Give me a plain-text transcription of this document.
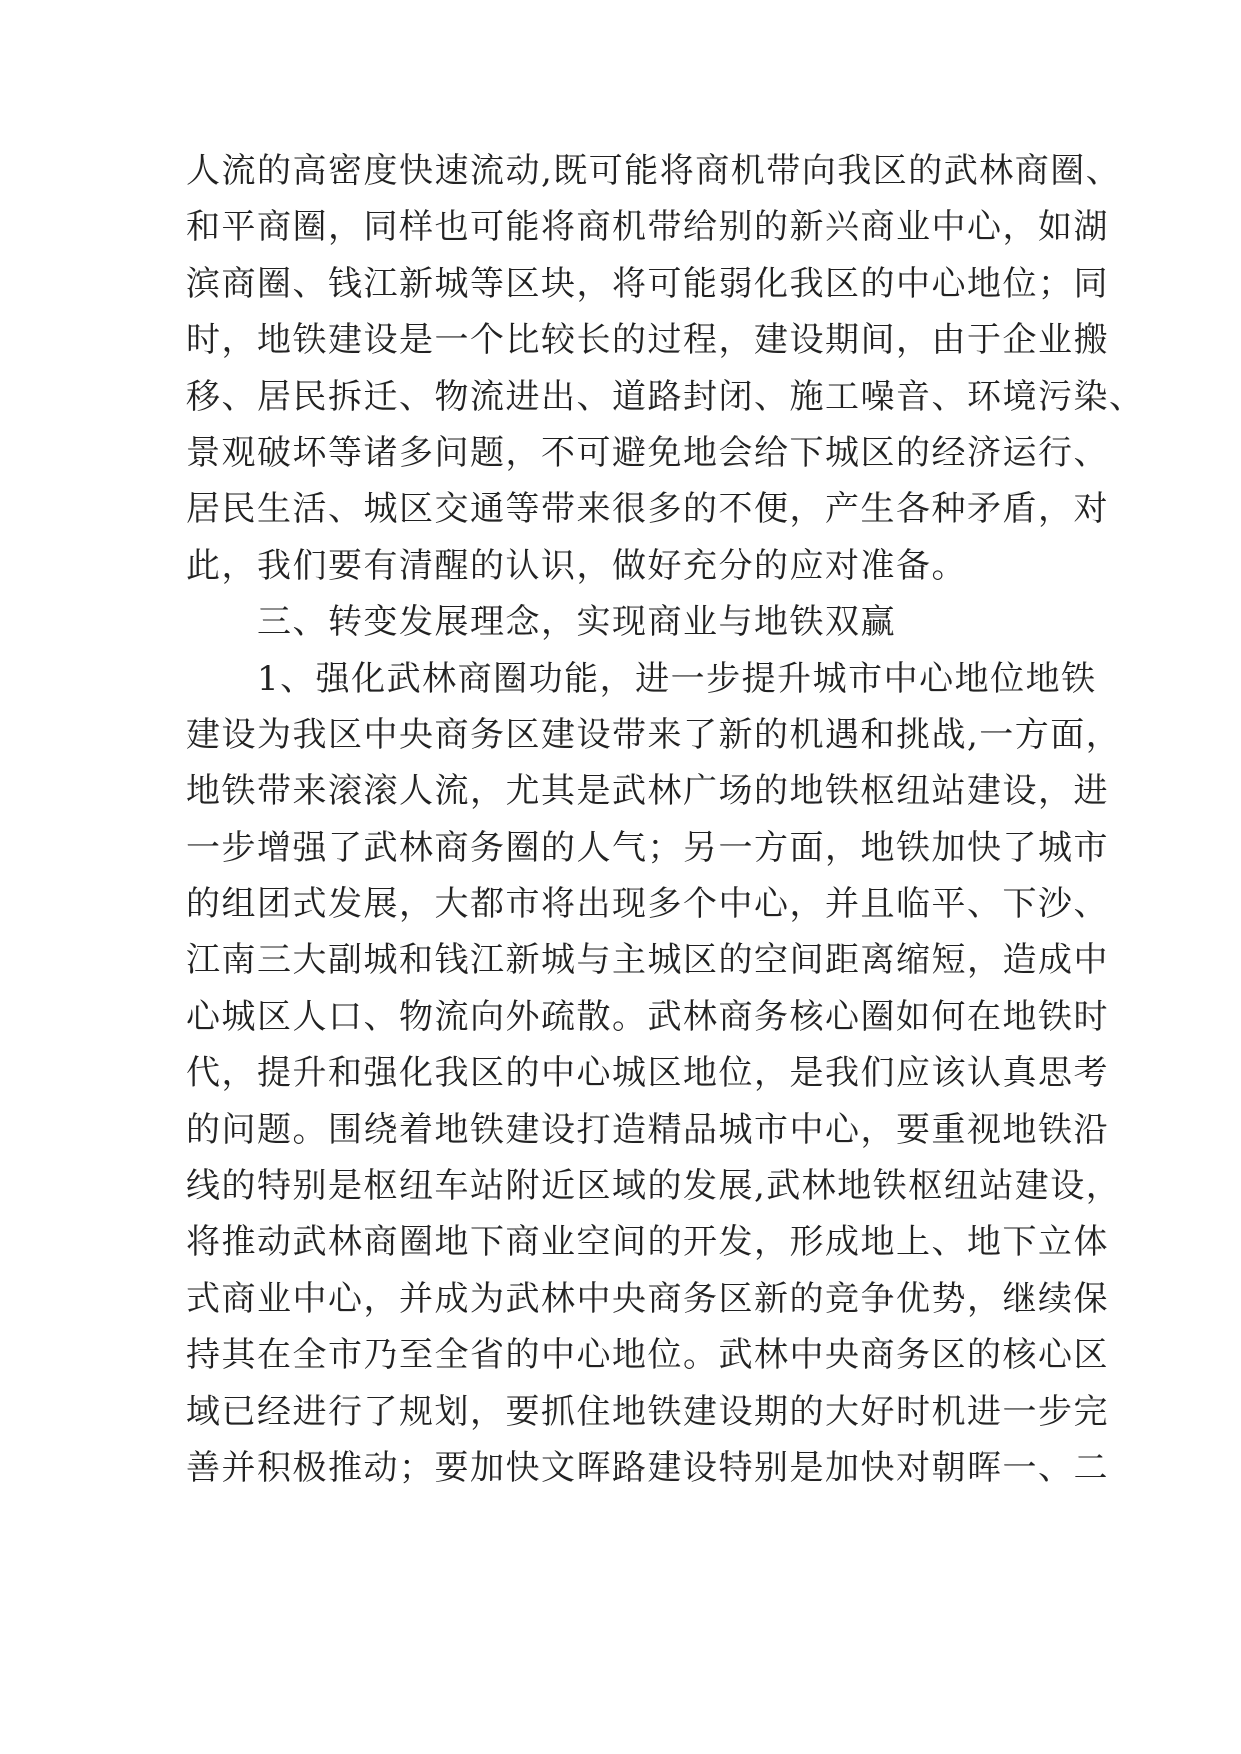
人流的高密度快速流动,既可能将商机带向我区的武林商圈、
和平商圈，同样也可能将商机带给别的新兴商业中心，如湖
滨商圈、钱江新城等区块，将可能弱化我区的中心地位；同
时，地铁建设是一个比较长的过程，建设期间，由于企业搬
移、居民拆迁、物流进出、道路封闭、施工噪音、环境污染、
景观破坏等诸多问题，不可避免地会给下城区的经济运行、
居民生活、城区交通等带来很多的不便，产生各种矛盾，对
此，我们要有清醒的认识，做好充分的应对准备。
　　三、转变发展理念，实现商业与地铁双赢
　　1、强化武林商圈功能，进一步提升城市中心地位地铁
建设为我区中央商务区建设带来了新的机遇和挑战,一方面，
地铁带来滚滚人流，尤其是武林广场的地铁枢纽站建设，进
一步增强了武林商务圈的人气；另一方面，地铁加快了城市
的组团式发展，大都市将出现多个中心，并且临平、下沙、
江南三大副城和钱江新城与主城区的空间距离缩短，造成中
心城区人口、物流向外疏散。武林商务核心圈如何在地铁时
代，提升和强化我区的中心城区地位，是我们应该认真思考
的问题。围绕着地铁建设打造精品城市中心，要重视地铁沿
线的特别是枢纽车站附近区域的发展,武林地铁枢纽站建设，
将推动武林商圈地下商业空间的开发，形成地上、地下立体
式商业中心，并成为武林中央商务区新的竞争优势，继续保
持其在全市乃至全省的中心地位。武林中央商务区的核心区
域已经进行了规划，要抓住地铁建设期的大好时机进一步完
善并积极推动；要加快文晖路建设特别是加快对朝晖一、二
